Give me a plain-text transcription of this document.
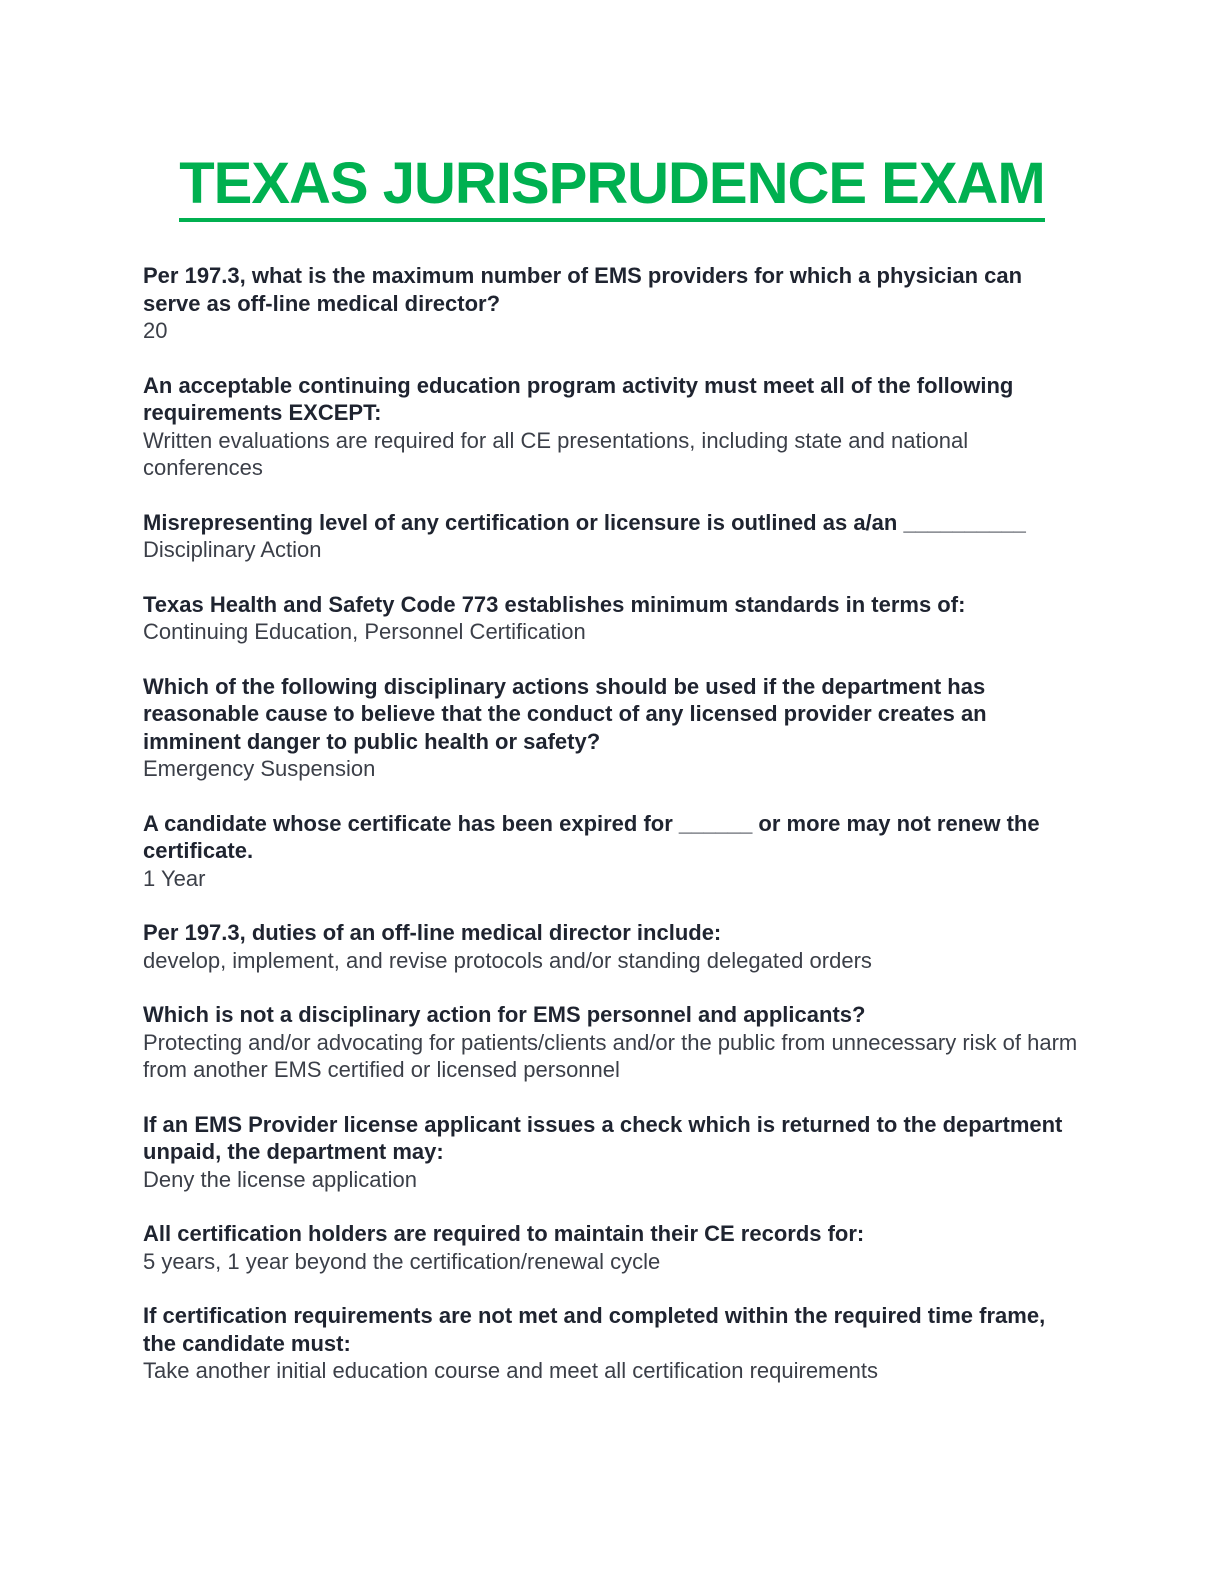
TEXAS JURISPRUDENCE EXAM

Per 197.3, what is the maximum number of EMS providers for which a physician can serve as off-line medical director?

20

An acceptable continuing education program activity must meet all of the following requirements EXCEPT:

Written evaluations are required for all CE presentations, including state and national conferences

Misrepresenting level of any certification or licensure is outlined as a/an __________

Disciplinary Action

Texas Health and Safety Code 773 establishes minimum standards in terms of:

Continuing Education, Personnel Certification

Which of the following disciplinary actions should be used if the department has reasonable cause to believe that the conduct of any licensed provider creates an imminent danger to public health or safety?

Emergency Suspension

A candidate whose certificate has been expired for ______ or more may not renew the certificate.

1 Year

Per 197.3, duties of an off-line medical director include:

develop, implement, and revise protocols and/or standing delegated orders

Which is not a disciplinary action for EMS personnel and applicants?

Protecting and/or advocating for patients/clients and/or the public from unnecessary risk of harm from another EMS certified or licensed personnel

If an EMS Provider license applicant issues a check which is returned to the department unpaid, the department may:

Deny the license application

All certification holders are required to maintain their CE records for:

5 years, 1 year beyond the certification/renewal cycle

If certification requirements are not met and completed within the required time frame, the candidate must:

Take another initial education course and meet all certification requirements
